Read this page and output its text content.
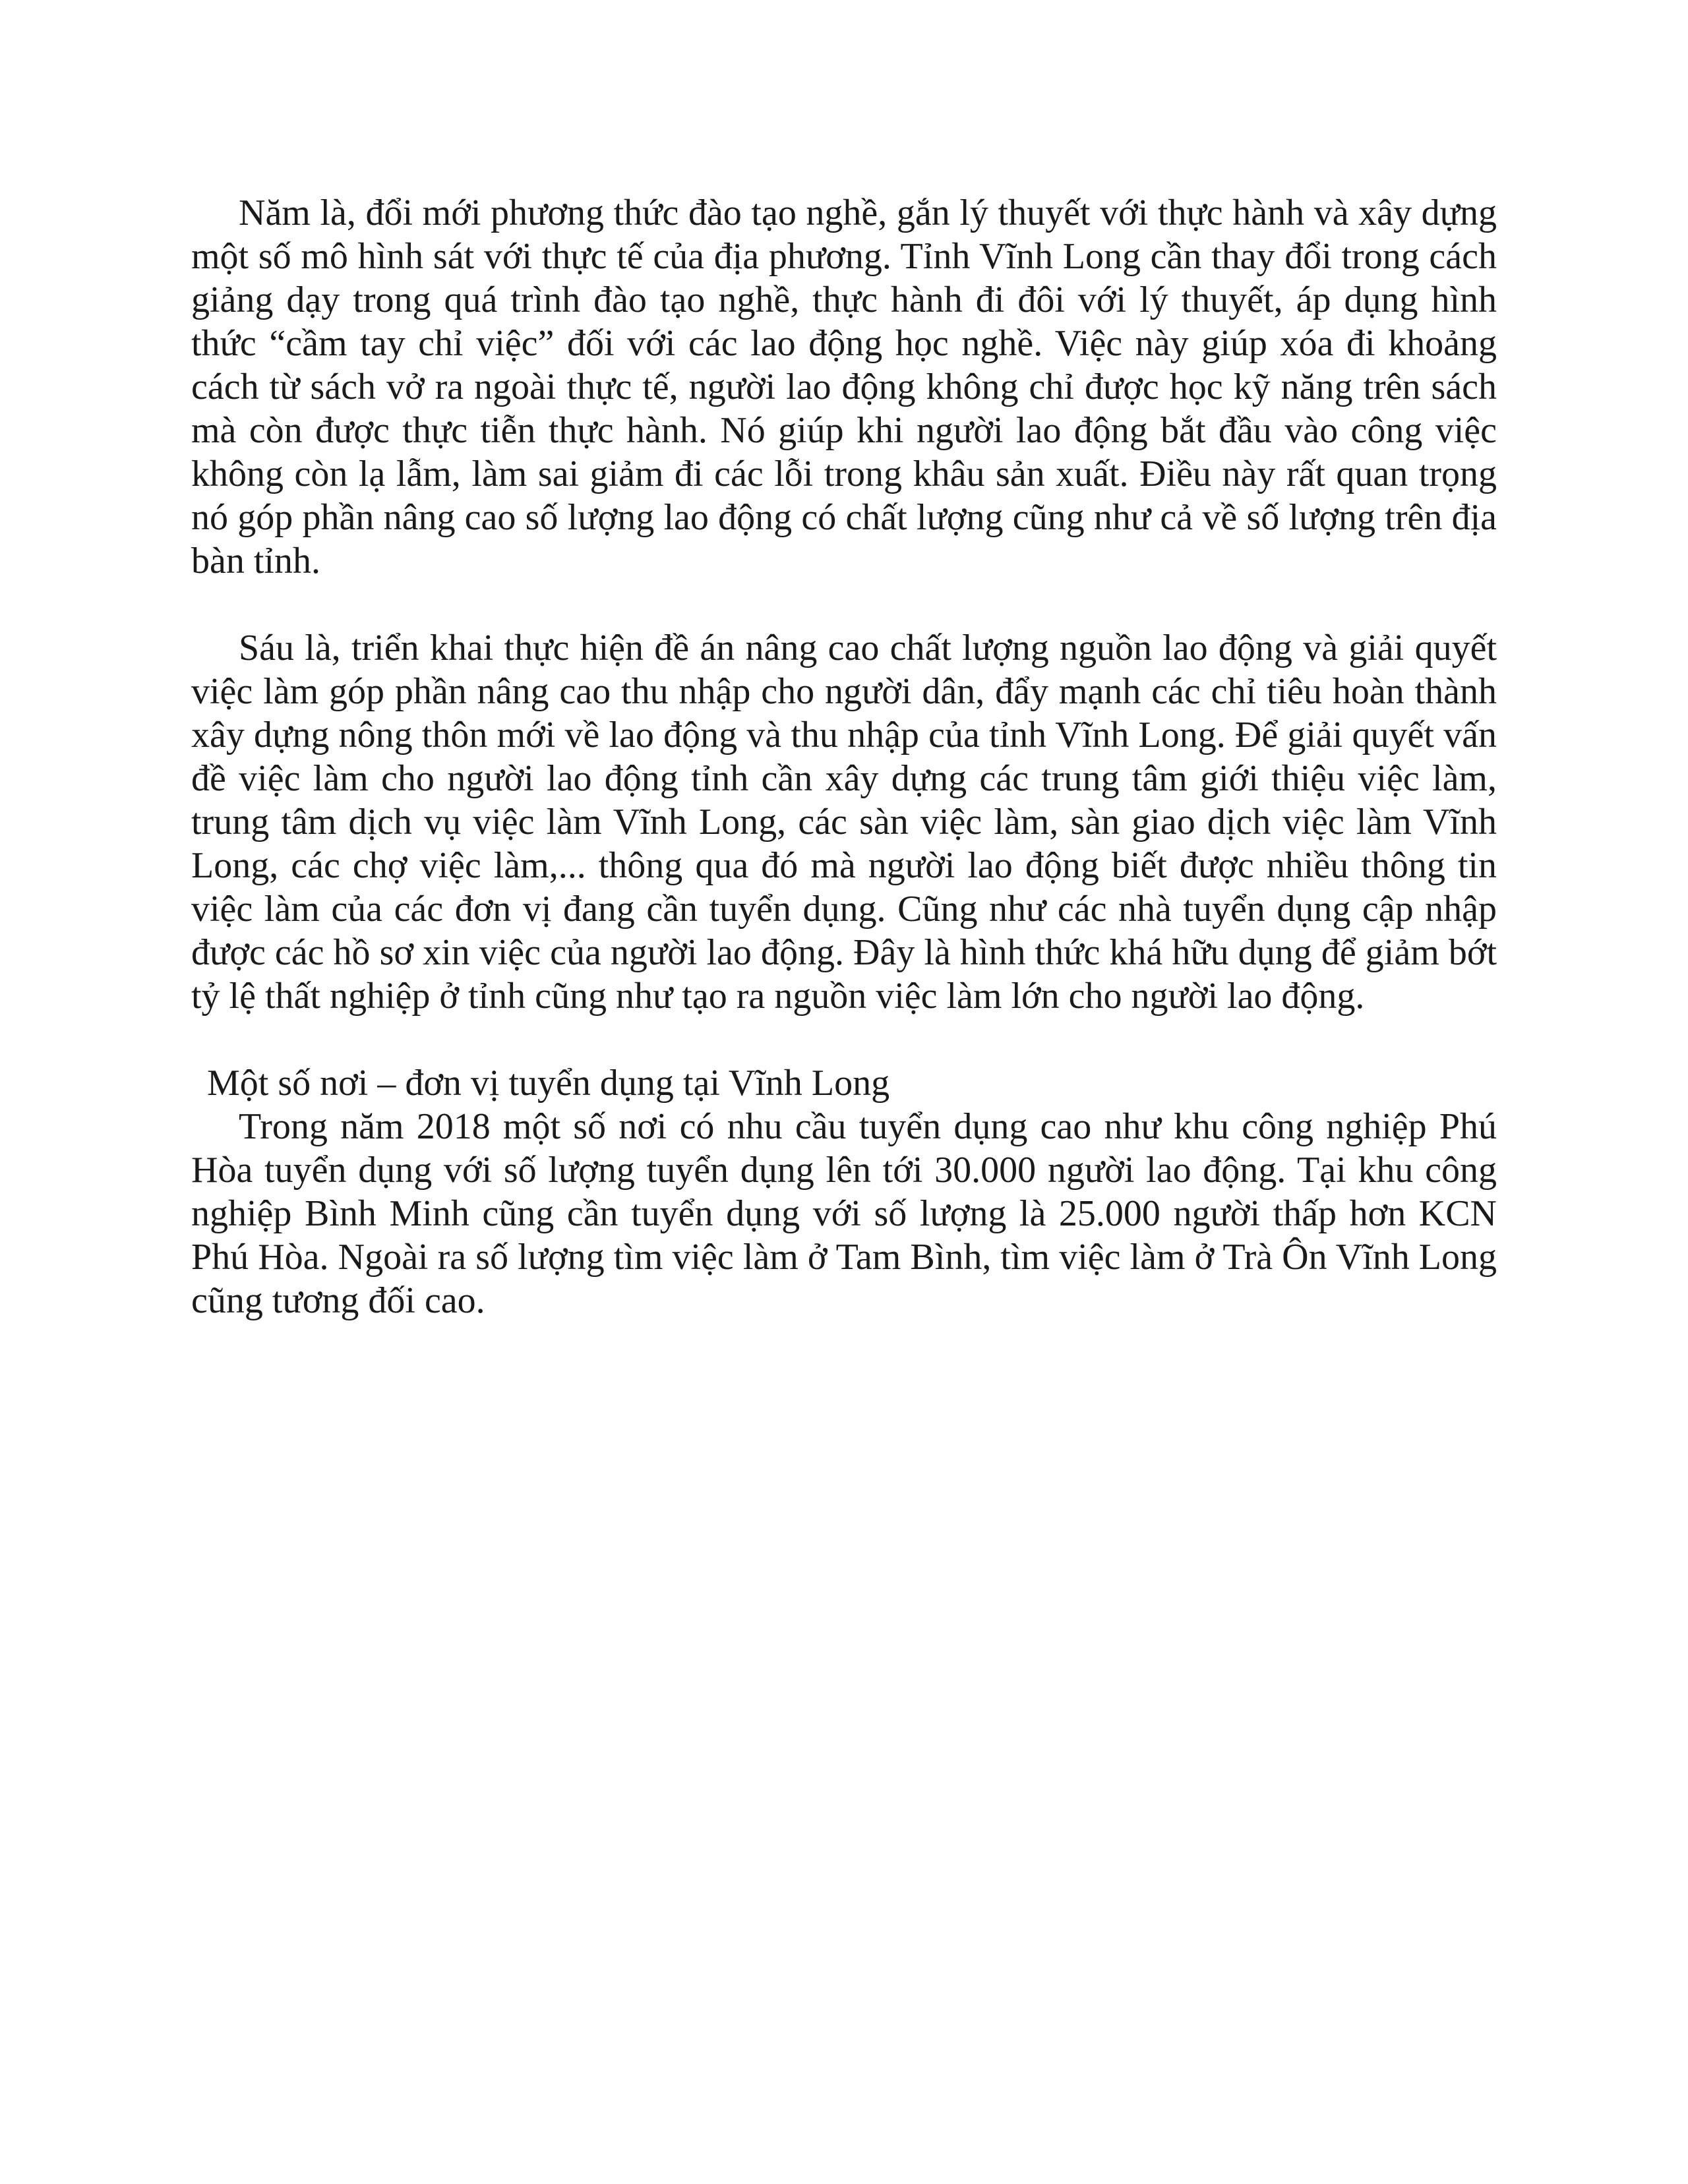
Năm là, đổi mới phương thức đào tạo nghề, gắn lý thuyết với thực hành và xây dựng một số mô hình sát với thực tế của địa phương. Tỉnh Vĩnh Long cần thay đổi trong cách giảng dạy trong quá trình đào tạo nghề, thực hành đi đôi với lý thuyết, áp dụng hình thức “cầm tay chỉ việc” đối với các lao động học nghề. Việc này giúp xóa đi khoảng cách từ sách vở ra ngoài thực tế, người lao động không chỉ được học kỹ năng trên sách mà còn được thực tiễn thực hành. Nó giúp khi người lao động bắt đầu vào công việc không còn lạ lẫm, làm sai giảm đi các lỗi trong khâu sản xuất. Điều này rất quan trọng nó góp phần nâng cao số lượng lao động có chất lượng cũng như cả về số lượng trên địa bàn tỉnh.

Sáu là, triển khai thực hiện đề án nâng cao chất lượng nguồn lao động và giải quyết việc làm góp phần nâng cao thu nhập cho người dân, đẩy mạnh các chỉ tiêu hoàn thành xây dựng nông thôn mới về lao động và thu nhập của tỉnh Vĩnh Long. Để giải quyết vấn đề việc làm cho người lao động tỉnh cần xây dựng các trung tâm giới thiệu việc làm, trung tâm dịch vụ việc làm Vĩnh Long, các sàn việc làm, sàn giao dịch việc làm Vĩnh Long, các chợ việc làm,... thông qua đó mà người lao động biết được nhiều thông tin việc làm của các đơn vị đang cần tuyển dụng. Cũng như các nhà tuyển dụng cập nhập được các hồ sơ xin việc của người lao động. Đây là hình thức khá hữu dụng để giảm bớt tỷ lệ thất nghiệp ở tỉnh cũng như tạo ra nguồn việc làm lớn cho người lao động.

Một số nơi – đơn vị tuyển dụng tại Vĩnh Long

Trong năm 2018 một số nơi có nhu cầu tuyển dụng cao như khu công nghiệp Phú Hòa tuyển dụng với số lượng tuyển dụng lên tới 30.000 người lao động. Tại khu công nghiệp Bình Minh cũng cần tuyển dụng với số lượng là 25.000 người thấp hơn KCN Phú Hòa. Ngoài ra số lượng tìm việc làm ở Tam Bình, tìm việc làm ở Trà Ôn Vĩnh Long cũng tương đối cao.
